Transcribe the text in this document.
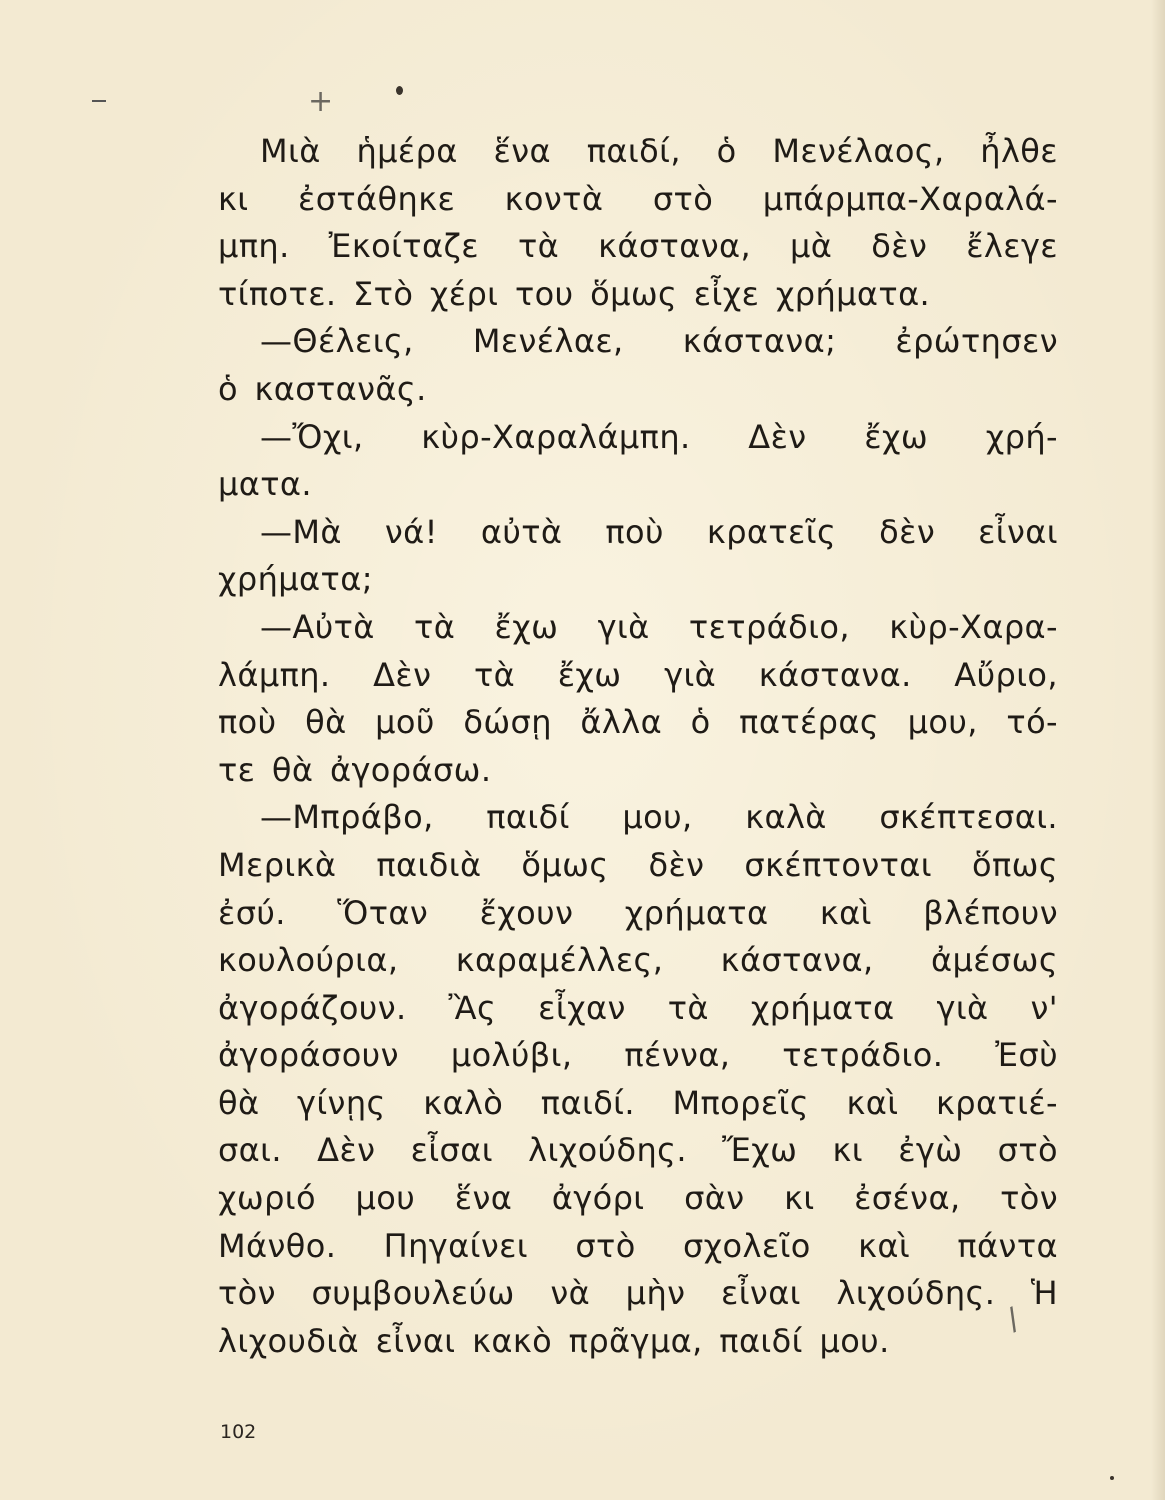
+
Μιὰ ἡμέρα ἕνα παιδί, ὁ Μενέλαος, ἦλθε
κι ἐστάθηκε κοντὰ στὸ μπάρμπα-Χαραλά-
μπη. Ἐκοίταζε τὰ κάστανα, μὰ δὲν ἔλεγε
τίποτε. Στὸ χέρι του ὅμως εἶχε χρήματα.
—Θέλεις, Μενέλαε, κάστανα; ἐρώτησεν
ὁ καστανᾶς.
—Ὄχι, κὺρ-Χαραλάμπη. Δὲν ἔχω χρή-
ματα.
—Μὰ νά! αὐτὰ ποὺ κρατεῖς δὲν εἶναι
χρήματα;
—Αὐτὰ τὰ ἔχω γιὰ τετράδιο, κὺρ-Χαρα-
λάμπη. Δὲν τὰ ἔχω γιὰ κάστανα. Αὔριο,
ποὺ θὰ μοῦ δώσῃ ἄλλα ὁ πατέρας μου, τό-
τε θὰ ἀγοράσω.
—Μπράβο, παιδί μου, καλὰ σκέπτεσαι.
Μερικὰ παιδιὰ ὅμως δὲν σκέπτονται ὅπως
ἐσύ. Ὅταν ἔχουν χρήματα καὶ βλέπουν
κουλούρια, καραμέλλες, κάστανα, ἀμέσως
ἀγοράζουν. Ἂς εἶχαν τὰ χρήματα γιὰ ν'
ἀγοράσουν μολύβι, πέννα, τετράδιο. Ἐσὺ
θὰ γίνῃς καλὸ παιδί. Μπορεῖς καὶ κρατιέ-
σαι. Δὲν εἶσαι λιχούδης. Ἔχω κι ἐγὼ στὸ
χωριό μου ἕνα ἀγόρι σὰν κι ἐσένα, τὸν
Μάνθο. Πηγαίνει στὸ σχολεῖο καὶ πάντα
τὸν συμβουλεύω νὰ μὴν εἶναι λιχούδης. Ἡ
λιχουδιὰ εἶναι κακὸ πρᾶγμα, παιδί μου.
/
102
